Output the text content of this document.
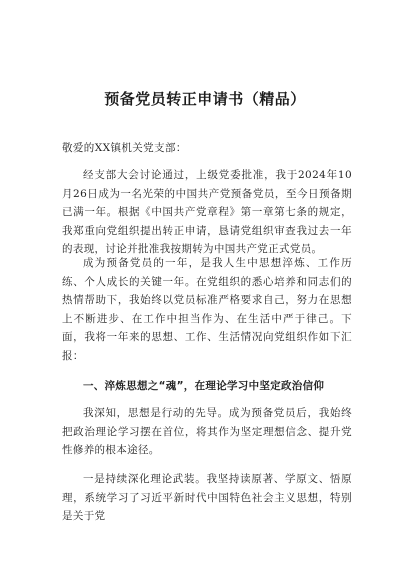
预备党员转正申请书（精品）
敬爱的XX镇机关党支部：

经支部大会讨论通过，上级党委批准，我于2024年10月26日成为一名光荣的中国共产党预备党员，至今日预备期已满一年。根据《中国共产党章程》第一章第七条的规定，我郑重向党组织提出转正申请，恳请党组织审查我过去一年的表现，讨论并批准我按期转为中国共产党正式党员。

成为预备党员的一年，是我人生中思想淬炼、工作历练、个人成长的关键一年。在党组织的悉心培养和同志们的热情帮助下，我始终以党员标准严格要求自己，努力在思想上不断进步、在工作中担当作为、在生活中严于律己。下面，我将一年来的思想、工作、生活情况向党组织作如下汇报：

一、淬炼思想之“魂”，在理论学习中坚定政治信仰

我深知，思想是行动的先导。成为预备党员后，我始终把政治理论学习摆在首位，将其作为坚定理想信念、提升党性修养的根本途径。

一是持续深化理论武装。我坚持读原著、学原文、悟原理，系统学习了习近平新时代中国特色社会主义思想，特别是关于党
